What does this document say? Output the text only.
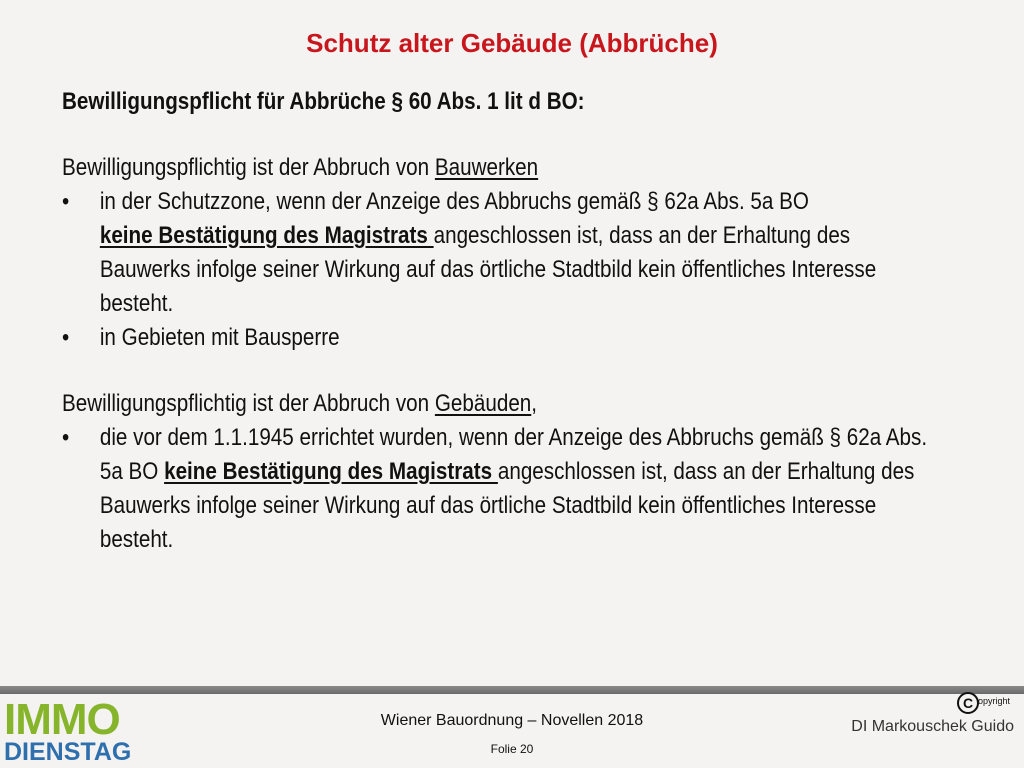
Schutz alter Gebäude (Abbrüche)

Bewilligungspflicht für Abbrüche § 60 Abs. 1 lit d BO:

Bewilligungspflichtig ist der Abbruch von Bauwerken

• in der Schutzzone, wenn der Anzeige des Abbruchs gemäß § 62a Abs. 5a BO
keine Bestätigung des Magistrats angeschlossen ist, dass an der Erhaltung des Bauwerks infolge seiner Wirkung auf das örtliche Stadtbild kein öffentliches Interesse besteht.
• in Gebieten mit Bausperre

Bewilligungspflichtig ist der Abbruch von Gebäuden,

• die vor dem 1.1.1945 errichtet wurden, wenn der Anzeige des Abbruchs gemäß § 62a Abs. 5a BO keine Bestätigung des Magistrats angeschlossen ist, dass an der Erhaltung des Bauwerks infolge seiner Wirkung auf das örtliche Stadtbild kein öffentliches Interesse besteht.
IMMO
DIENSTAG
Wiener Bauordnung – Novellen 2018
Folie 20
C opyright
DI Markouschek Guido
